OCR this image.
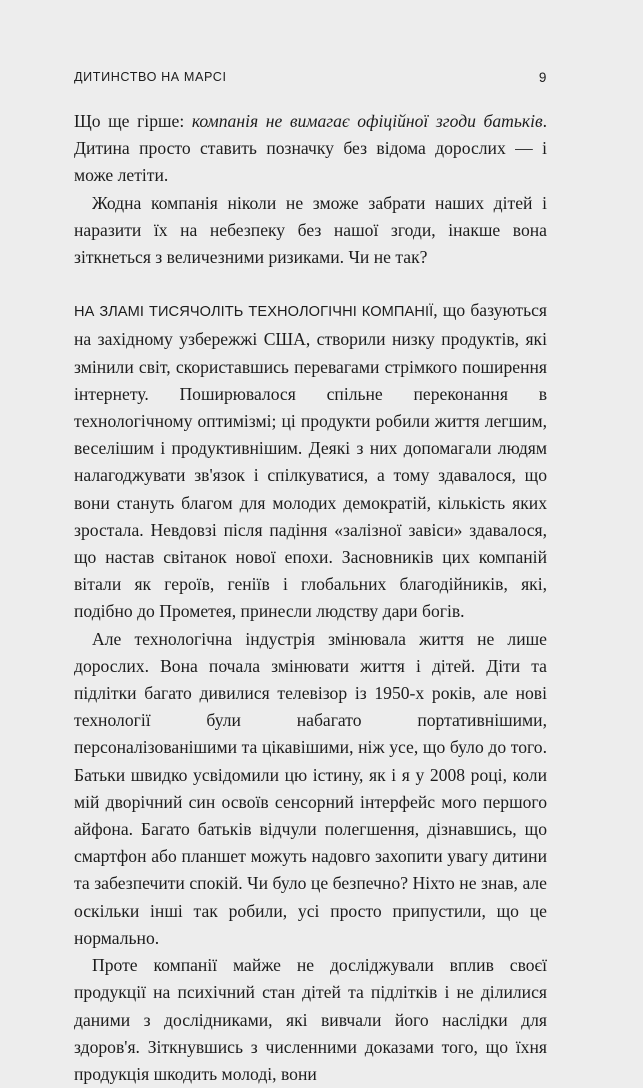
ДИТИНСТВО НА МАРСІ	9

Що ще гірше: компанія не вимагає офіційної згоди батьків. Дитина просто ставить позначку без відома дорослих — і може летіти.

Жодна компанія ніколи не зможе забрати наших дітей і наразити їх на небезпеку без нашої згоди, інакше вона зіткнеться з величезними ризиками. Чи не так?

НА ЗЛАМІ ТИСЯЧОЛІТЬ ТЕХНОЛОГІЧНІ КОМПАНІЇ, що базуються на західному узбережжі США, створили низку продуктів, які змінили світ, скориставшись перевагами стрімкого поширення інтернету. Поширювалося спільне переконання в технологічному оптимізмі; ці продукти робили життя легшим, веселішим і продуктивнішим. Деякі з них допомагали людям налагоджувати зв'язок і спілкуватися, а тому здавалося, що вони стануть благом для молодих демократій, кількість яких зростала. Невдовзі після падіння «залізної завіси» здавалося, що настав світанок нової епохи. Засновників цих компаній вітали як героїв, геніїв і глобальних благодійників, які, подібно до Прометея, принесли людству дари богів.

Але технологічна індустрія змінювала життя не лише дорослих. Вона почала змінювати життя і дітей. Діти та підлітки багато дивилися телевізор із 1950-х років, але нові технології були набагато портативнішими, персоналізованішими та цікавішими, ніж усе, що було до того. Батьки швидко усвідомили цю істину, як і я у 2008 році, коли мій дворічний син освоїв сенсорний інтерфейс мого першого айфона. Багато батьків відчули полегшення, дізнавшись, що смартфон або планшет можуть надовго захопити увагу дитини та забезпечити спокій. Чи було це безпечно? Ніхто не знав, але оскільки інші так робили, усі просто припустили, що це нормально.

Проте компанії майже не досліджували вплив своєї продукції на психічний стан дітей та підлітків і не ділилися даними з дослідниками, які вивчали його наслідки для здоров'я. Зіткнувшись з численними доказами того, що їхня продукція шкодить молоді, вони
